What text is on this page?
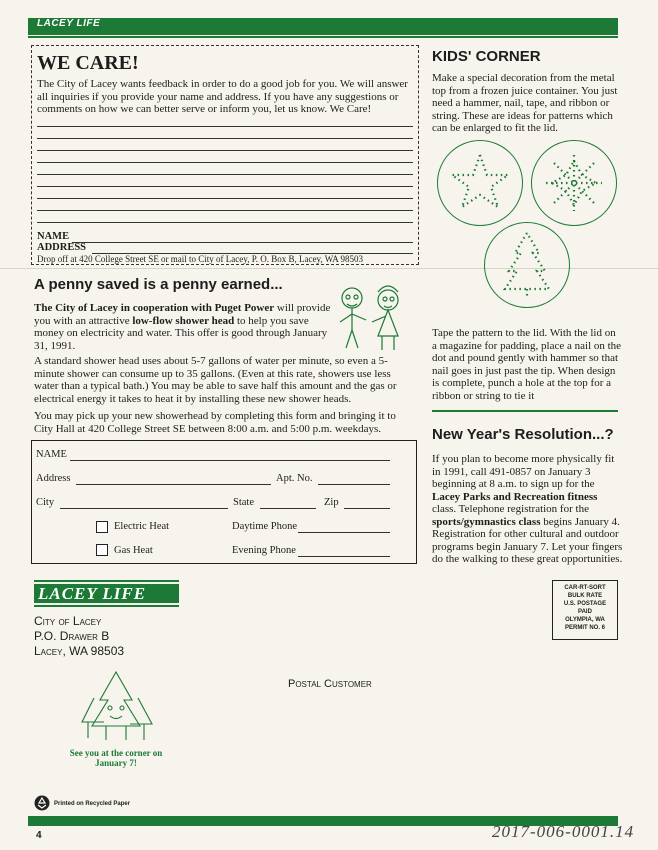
LACEY LIFE
WE CARE!

The City of Lacey wants feedback in order to do a good job for you. We will answer all inquiries if you provide your name and address. If you have any suggestions or comments on how we can better serve or inform you, let us know. We Care!

NAME
ADDRESS
Drop off at 420 College Street SE or mail to City of Lacey, P. O. Box B, Lacey, WA 98503
A penny saved is a penny earned...
The City of Lacey in cooperation with Puget Power will provide you with an attractive low-flow shower head to help you save money on electricity and water. This offer is good through January 31, 1991.
A standard shower head uses about 5-7 gallons of water per minute, so even a 5-minute shower can consume up to 35 gallons. (Even at this rate, showers use less water than a typical bath.) You may be able to save half this amount and the gas or electrical energy it takes to heat it by installing these new shower heads.
You may pick up your new showerhead by completing this form and bringing it to City Hall at 420 College Street SE between 8:00 a.m. and 5:00 p.m. weekdays.
NAME
Address	Apt. No.
City	State	Zip
Electric Heat	Daytime Phone
Gas Heat	Evening Phone
KIDS' CORNER
Make a special decoration from the metal top from a frozen juice container. You just need a hammer, nail, tape, and ribbon or string. These are ideas for patterns which can be enlarged to fit the lid.
Tape the pattern to the lid. With the lid on a magazine for padding, place a nail on the dot and pound gently with hammer so that nail goes in just past the tip. When design is complete, punch a hole at the top for a ribbon or string to tie it
New Year's Resolution...?
If you plan to become more physically fit in 1991, call 491-0857 on January 3 beginning at 8 a.m. to sign up for the Lacey Parks and Recreation fitness class. Telephone registration for the sports/gymnastics class begins January 4. Registration for other cultural and outdoor programs begin January 7. Let your fingers do the walking to these great opportunities.
LACEY LIFE
City of Lacey
P.O. Drawer B
Lacey, WA 98503
Postal Customer
CAR-RT-SORT
BULK RATE
U.S. POSTAGE
PAID
OLYMPIA, WA
PERMIT NO. 6
See you at the corner on January 7!
Printed on Recycled Paper
4	2017-006-0001.14
